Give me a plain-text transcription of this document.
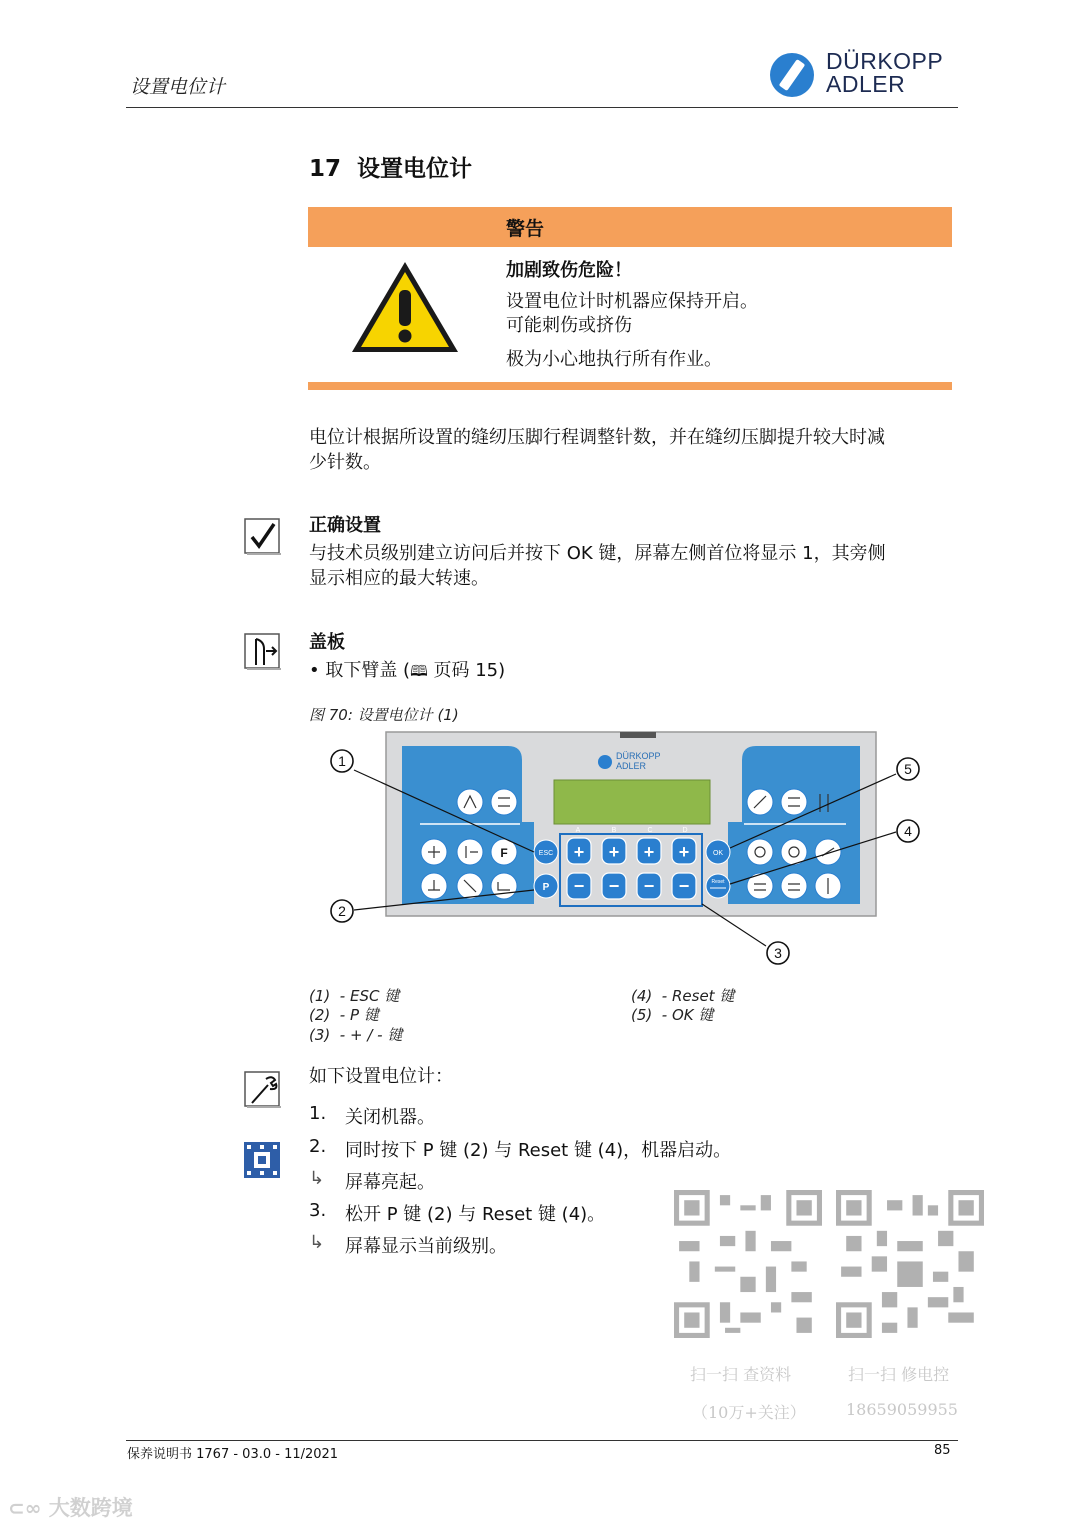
设置电位计
DÜRKOPP
ADLER
17 设置电位计
警告
加剧致伤危险！
设置电位计时机器应保持开启。
可能刺伤或挤伤
极为小心地执行所有作业。
电位计根据所设置的缝纫压脚行程调整针数，并在缝纫压脚提升较大时减
少针数。
正确设置
与技术员级别建立访问后并按下 OK 键，屏幕左侧首位将显示 1，其旁侧
显示相应的最大转速。
盖板
• 取下臂盖 (🕮 页码 15)
图 70: 设置电位计 (1)
DÜRKOPP
ADLER
A	B	C	D
+ + + +
− − − −
ESC
P
OK
Reset
F
1
2
3
4
5
(1) - ESC 键
(2) - P 键
(3) - + / - 键
(4) - Reset 键
(5) - OK 键
如下设置电位计：
1. 关闭机器。
2. 同时按下 P 键 (2) 与 Reset 键 (4)，机器启动。
↳ 屏幕亮起。
3. 松开 P 键 (2) 与 Reset 键 (4)。
↳ 屏幕显示当前级别。
扫一扫 查资料
（10万+关注）
扫一扫 修电控
18659059955
保养说明书 1767 - 03.0 - 11/2021	85
⊂∞ 大数跨境
